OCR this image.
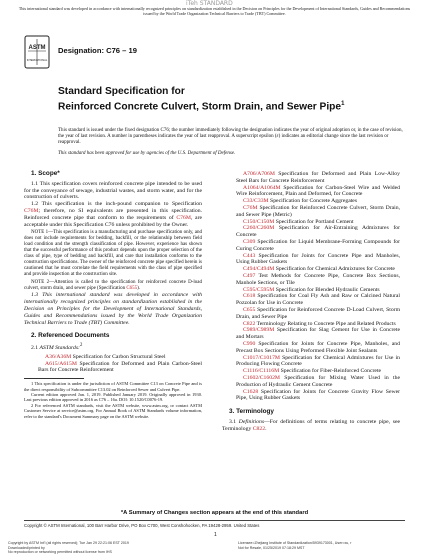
This international standard was developed in accordance with internationally recognized principles on standardization established in the Decision on Principles for the Development of International Standards, Guides and Recommendations issued by the World Trade Organization Technical Barriers to Trade (TBT) Committee.
iTeh STANDARD
ASTM
INTERNATIONAL
Designation: C76 – 19
Standard Specification for
Reinforced Concrete Culvert, Storm Drain, and Sewer Pipe$^1$
This standard is issued under the fixed designation C76; the number immediately following the designation indicates the year of original adoption or, in the case of revision, the year of last revision. A number in parentheses indicates the year of last reapproval. A superscript epsilon (ε) indicates an editorial change since the last revision or reapproval.
This standard has been approved for use by agencies of the U.S. Department of Defense.
1. Scope*

1.1 This specification covers reinforced concrete pipe intended to be used for the conveyance of sewage, industrial wastes, and storm water, and for the construction of culverts.

1.2 This specification is the inch-pound companion to Specification C76M; therefore, no SI equivalents are presented in this specification. Reinforced concrete pipe that conform to the requirements of C76M, are acceptable under this Specification C76 unless prohibited by the Owner.

NOTE 1—This specification is a manufacturing and purchase specification only, and does not include requirements for bedding, backfill, or the relationship between field load condition and the strength classification of pipe. However, experience has shown that the successful performance of this product depends upon the proper selection of the class of pipe, type of bedding and backfill, and care that installation conforms to the construction specifications. The owner of the reinforced concrete pipe specified herein is cautioned that he must correlate the field requirements with the class of pipe specified and provide inspection at the construction site.

NOTE 2—Attention is called to the specification for reinforced concrete D-load culvert, storm drain, and sewer pipe (Specification C655).

1.3 This international standard was developed in accordance with internationally recognized principles on standardization established in the Decision on Principles for the Development of International Standards, Guides and Recommendations issued by the World Trade Organization Technical Barriers to Trade (TBT) Committee.

2. Referenced Documents
2.1 ASTM Standards:$^2$

A36/A36M Specification for Carbon Structural Steel

A615/A615M Specification for Deformed and Plain Carbon-Steel Bars for Concrete Reinforcement

1 This specification is under the jurisdiction of ASTM Committee C13 on Concrete Pipe and is the direct responsibility of Subcommittee C13.02 on Reinforced Sewer and Culvert Pipe.

Current edition approved Jan. 1, 2019. Published January 2019. Originally approved in 1930. Last previous edition approved in 2016 as C76 – 16a. DOI: 10.1520/C0076-19.

2 For referenced ASTM standards, visit the ASTM website, www.astm.org, or contact ASTM Customer Service at service@astm.org. For Annual Book of ASTM Standards volume information, refer to the standard's Document Summary page on the ASTM website.

A706/A706M Specification for Deformed and Plain Low-Alloy Steel Bars for Concrete Reinforcement

A1064/A1064M Specification for Carbon-Steel Wire and Welded Wire Reinforcement, Plain and Deformed, for Concrete

C33/C33M Specification for Concrete Aggregates

C76M Specification for Reinforced Concrete Culvert, Storm Drain, and Sewer Pipe (Metric)

C150/C150M Specification for Portland Cement

C260/C260M Specification for Air-Entraining Admixtures for Concrete

C309 Specification for Liquid Membrane-Forming Compounds for Curing Concrete

C443 Specification for Joints for Concrete Pipe and Manholes, Using Rubber Gaskets

C494/C494M Specification for Chemical Admixtures for Concrete

C497 Test Methods for Concrete Pipe, Concrete Box Sections, Manhole Sections, or Tile

C595/C595M Specification for Blended Hydraulic Cements

C618 Specification for Coal Fly Ash and Raw or Calcined Natural Pozzolan for Use in Concrete

C655 Specification for Reinforced Concrete D-Load Culvert, Storm Drain, and Sewer Pipe

C822 Terminology Relating to Concrete Pipe and Related Products

C989/C989M Specification for Slag Cement for Use in Concrete and Mortars

C990 Specification for Joints for Concrete Pipe, Manholes, and Precast Box Sections Using Preformed Flexible Joint Sealants

C1017/C1017M Specification for Chemical Admixtures for Use in Producing Flowing Concrete

C1116/C1116M Specification for Fiber-Reinforced Concrete

C1602/C1602M Specification for Mixing Water Used in the Production of Hydraulic Cement Concrete

C1628 Specification for Joints for Concrete Gravity Flow Sewer Pipe, Using Rubber Gaskets

3. Terminology

3.1 Definitions—For definitions of terms relating to concrete pipe, see Terminology C822.

*A Summary of Changes section appears at the end of this standard
Copyright © ASTM International, 100 Barr Harbor Drive, PO Box C700, West Conshohocken, PA 19428-2959. United States
1
Copyright by ASTM Int'l (all rights reserved); Tue Jan 29 22:21:06 EST 2019
Downloaded/printed by
No reproduction or networking permitted without license from IHS
Licensee=Zhejiang Institute of Standardization/5939173001, User=xu, r
Not for Resale, 01/25/2019 07:18:29 MST
